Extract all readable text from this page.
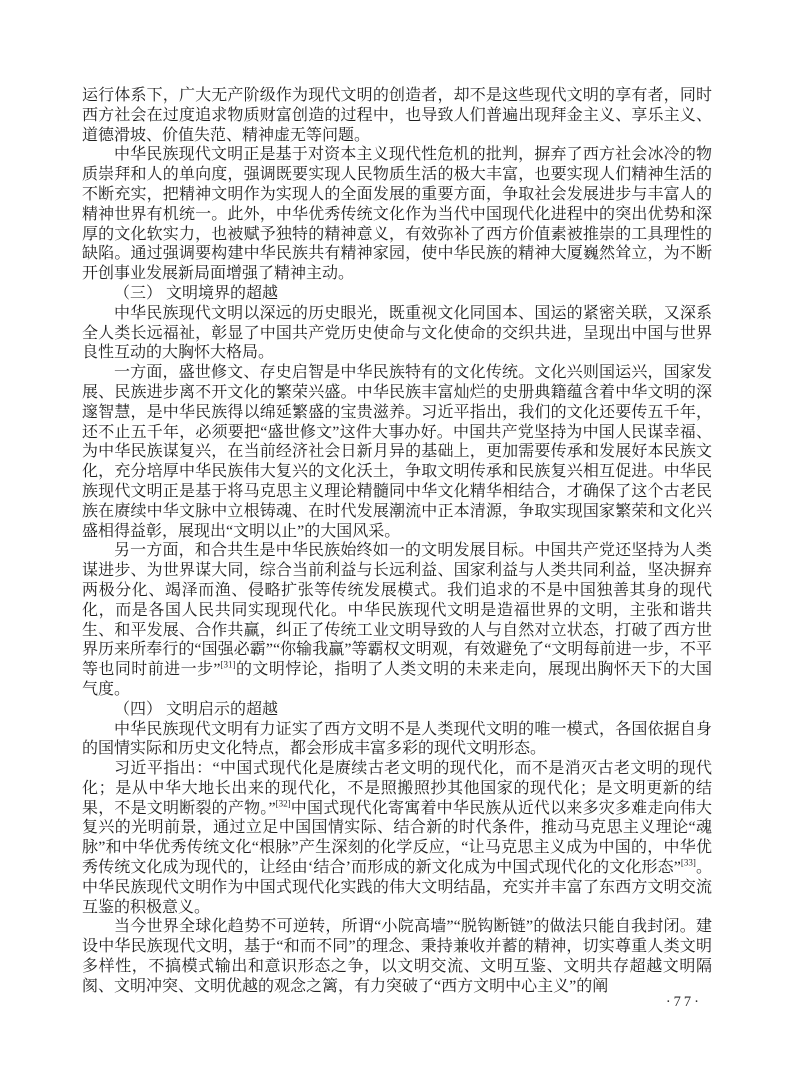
运行体系下，广大无产阶级作为现代文明的创造者，却不是这些现代文明的享有者，同时西方社会在过度追求物质财富创造的过程中，也导致人们普遍出现拜金主义、享乐主义、道德滑坡、价值失范、精神虚无等问题。

中华民族现代文明正是基于对资本主义现代性危机的批判，摒弃了西方社会冰冷的物质崇拜和人的单向度，强调既要实现人民物质生活的极大丰富，也要实现人们精神生活的不断充实，把精神文明作为实现人的全面发展的重要方面，争取社会发展进步与丰富人的精神世界有机统一。此外，中华优秀传统文化作为当代中国现代化进程中的突出优势和深厚的文化软实力，也被赋予独特的精神意义，有效弥补了西方价值素被推崇的工具理性的缺陷。通过强调要构建中华民族共有精神家园，使中华民族的精神大厦巍然耸立，为不断开创事业发展新局面增强了精神主动。

（三） 文明境界的超越

中华民族现代文明以深远的历史眼光，既重视文化同国本、国运的紧密关联，又深系全人类长远福祉，彰显了中国共产党历史使命与文化使命的交织共进，呈现出中国与世界良性互动的大胸怀大格局。

一方面，盛世修文、存史启智是中华民族特有的文化传统。文化兴则国运兴，国家发展、民族进步离不开文化的繁荣兴盛。中华民族丰富灿烂的史册典籍蕴含着中华文明的深邃智慧，是中华民族得以绵延繁盛的宝贵滋养。习近平指出，我们的文化还要传五千年，还不止五千年，必须要把“盛世修文”这件大事办好。中国共产党坚持为中国人民谋幸福、为中华民族谋复兴，在当前经济社会日新月异的基础上，更加需要传承和发展好本民族文化，充分培厚中华民族伟大复兴的文化沃土，争取文明传承和民族复兴相互促进。中华民族现代文明正是基于将马克思主义理论精髓同中华文化精华相结合，才确保了这个古老民族在赓续中华文脉中立根铸魂、在时代发展潮流中正本清源，争取实现国家繁荣和文化兴盛相得益彰，展现出“文明以止”的大国风采。

另一方面，和合共生是中华民族始终如一的文明发展目标。中国共产党还坚持为人类谋进步、为世界谋大同，综合当前利益与长远利益、国家利益与人类共同利益，坚决摒弃两极分化、竭泽而渔、侵略扩张等传统发展模式。我们追求的不是中国独善其身的现代化，而是各国人民共同实现现代化。中华民族现代文明是造福世界的文明，主张和谐共生、和平发展、合作共赢，纠正了传统工业文明导致的人与自然对立状态，打破了西方世界历来所奉行的“国强必霸”“你输我赢”等霸权文明观，有效避免了“文明每前进一步，不平等也同时前进一步”[31]的文明悖论，指明了人类文明的未来走向，展现出胸怀天下的大国气度。

（四） 文明启示的超越

中华民族现代文明有力证实了西方文明不是人类现代文明的唯一模式，各国依据自身的国情实际和历史文化特点，都会形成丰富多彩的现代文明形态。

习近平指出：“中国式现代化是赓续古老文明的现代化，而不是消灭古老文明的现代化；是从中华大地长出来的现代化，不是照搬照抄其他国家的现代化；是文明更新的结果，不是文明断裂的产物。”[32]中国式现代化寄寓着中华民族从近代以来多灾多难走向伟大复兴的光明前景，通过立足中国国情实际、结合新的时代条件，推动马克思主义理论“魂脉”和中华优秀传统文化“根脉”产生深刻的化学反应，“让马克思主义成为中国的，中华优秀传统文化成为现代的，让经由‘结合’而形成的新文化成为中国式现代化的文化形态”[33]。中华民族现代文明作为中国式现代化实践的伟大文明结晶，充实并丰富了东西方文明交流互鉴的积极意义。

当今世界全球化趋势不可逆转，所谓“小院高墙”“脱钩断链”的做法只能自我封闭。建设中华民族现代文明，基于“和而不同”的理念、秉持兼收并蓄的精神，切实尊重人类文明多样性，不搞模式输出和意识形态之争，以文明交流、文明互鉴、文明共存超越文明隔阂、文明冲突、文明优越的观念之篱，有力突破了“西方文明中心主义”的阐

·77·
